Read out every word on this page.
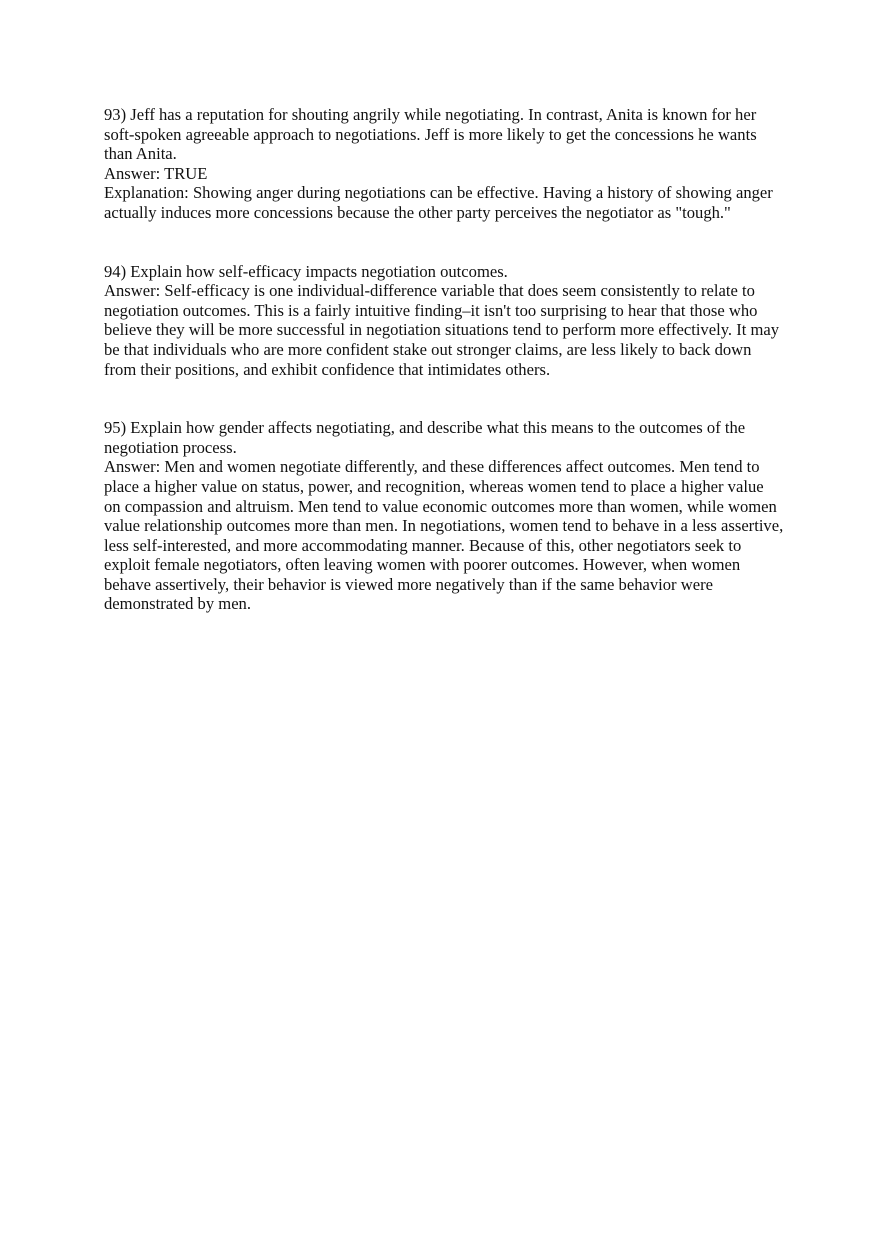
93) Jeff has a reputation for shouting angrily while negotiating. In contrast, Anita is known for her soft-spoken agreeable approach to negotiations. Jeff is more likely to get the concessions he wants than Anita.

Answer: TRUE

Explanation: Showing anger during negotiations can be effective. Having a history of showing anger actually induces more concessions because the other party perceives the negotiator as "tough."

94) Explain how self-efficacy impacts negotiation outcomes.

Answer: Self-efficacy is one individual-difference variable that does seem consistently to relate to negotiation outcomes. This is a fairly intuitive finding–it isn't too surprising to hear that those who believe they will be more successful in negotiation situations tend to perform more effectively. It may be that individuals who are more confident stake out stronger claims, are less likely to back down from their positions, and exhibit confidence that intimidates others.

95) Explain how gender affects negotiating, and describe what this means to the outcomes of the negotiation process.

Answer: Men and women negotiate differently, and these differences affect outcomes. Men tend to place a higher value on status, power, and recognition, whereas women tend to place a higher value on compassion and altruism. Men tend to value economic outcomes more than women, while women value relationship outcomes more than men. In negotiations, women tend to behave in a less assertive, less self-interested, and more accommodating manner. Because of this, other negotiators seek to exploit female negotiators, often leaving women with poorer outcomes. However, when women behave assertively, their behavior is viewed more negatively than if the same behavior were demonstrated by men.
